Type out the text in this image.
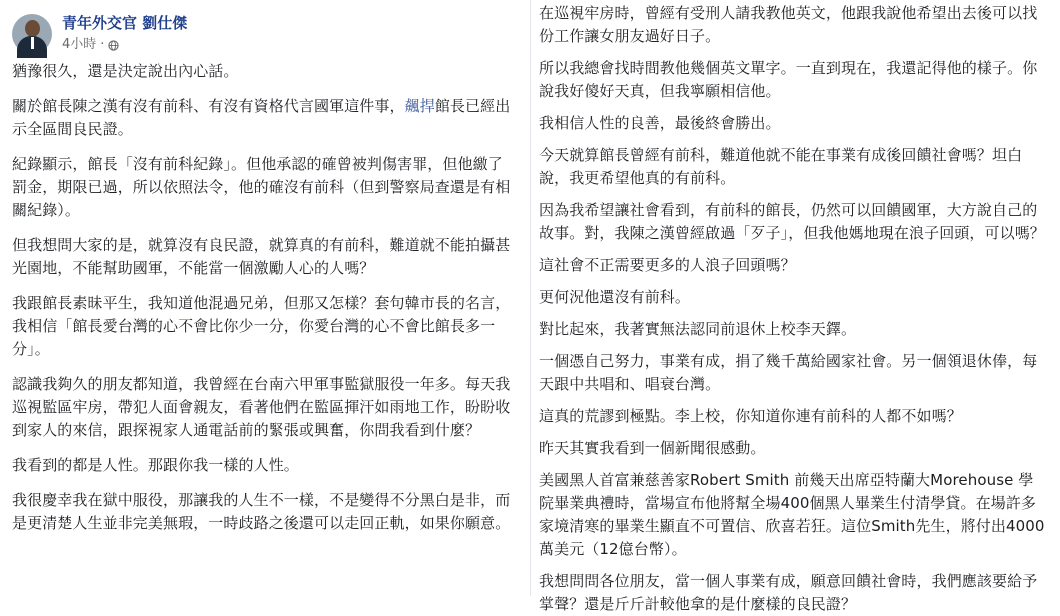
青年外交官 劉仕傑
4小時 ·

猶豫很久，還是決定說出內心話。

關於館長陳之漢有沒有前科、有沒有資格代言國軍這件事，飆捍館長已經出示全區間良民證。

紀錄顯示，館長「沒有前科紀錄」。但他承認的確曾被判傷害罪，但他繳了罰金，期限已過，所以依照法令，他的確沒有前科（但到警察局查還是有相關紀錄）。

但我想問大家的是，就算沒有良民證，就算真的有前科，難道就不能拍攝甚光園地，不能幫助國軍，不能當一個激勵人心的人嗎？

我跟館長素昧平生，我知道他混過兄弟，但那又怎樣？套句韓市長的名言，我相信「館長愛台灣的心不會比你少一分，你愛台灣的心不會比館長多一分」。

認識我夠久的朋友都知道，我曾經在台南六甲軍事監獄服役一年多。每天我巡視監區牢房，帶犯人面會親友，看著他們在監區揮汗如雨地工作，盼盼收到家人的來信，跟探視家人通電話前的緊張或興奮，你問我看到什麼？

我看到的都是人性。那跟你我一樣的人性。

我很慶幸我在獄中服役，那讓我的人生不一樣，不是變得不分黑白是非，而是更清楚人生並非完美無瑕，一時歧路之後還可以走回正軌，如果你願意。

在巡視牢房時，曾經有受刑人請我教他英文，他跟我說他希望出去後可以找份工作讓女朋友過好日子。

所以我總會找時間教他幾個英文單字。一直到現在，我還記得他的樣子。你說我好傻好天真，但我寧願相信他。

我相信人性的良善，最後終會勝出。

今天就算館長曾經有前科，難道他就不能在事業有成後回饋社會嗎？坦白說，我更希望他真的有前科。

因為我希望讓社會看到，有前科的館長，仍然可以回饋國軍，大方說自己的故事。對，我陳之漢曾經啟過「歹子」，但我他媽地現在浪子回頭，可以嗎？

這社會不正需要更多的人浪子回頭嗎？

更何況他還沒有前科。

對比起來，我著實無法認同前退休上校李天鐸。

一個憑自己努力，事業有成，捐了幾千萬給國家社會。另一個領退休俸，每天跟中共唱和、唱衰台灣。

這真的荒謬到極點。李上校，你知道你連有前科的人都不如嗎？

昨天其實我看到一個新聞很感動。

美國黑人首富兼慈善家Robert Smith 前幾天出席亞特蘭大Morehouse 學院畢業典禮時，當場宣布他將幫全場400個黑人畢業生付清學貸。在場許多家境清寒的畢業生顯直不可置信、欣喜若狂。這位Smith先生，將付出4000萬美元（12億台幣）。

我想問問各位朋友，當一個人事業有成，願意回饋社會時，我們應該要給予掌聲？還是斤斤計較他拿的是什麼樣的良民證？
